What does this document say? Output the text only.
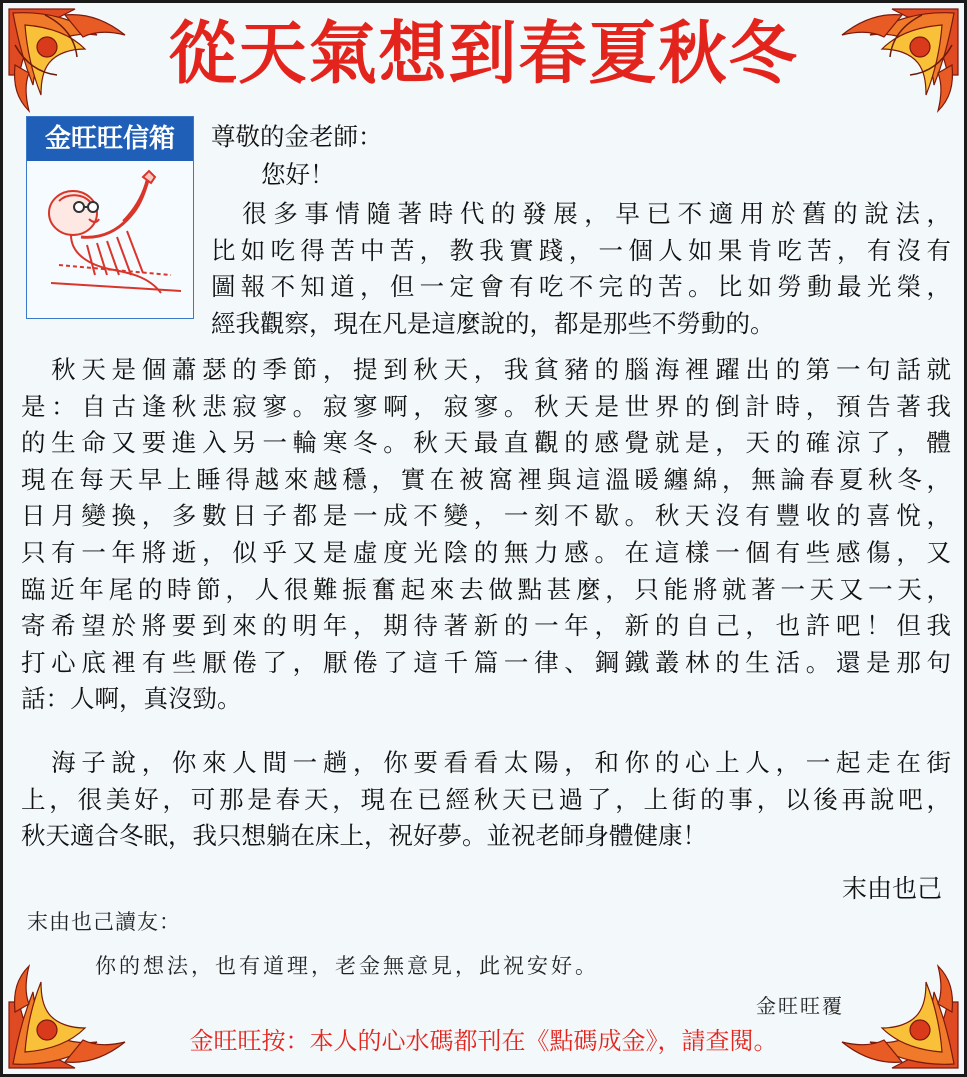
從天氣想到春夏秋冬
金旺旺信箱	尊敬的金老師：
您好！
　很多事情隨著時代的發展，早已不適用於舊的說法，
比如吃得苦中苦，教我實踐，一個人如果肯吃苦，有沒有
圖報不知道，但一定會有吃不完的苦。比如勞動最光榮，
經我觀察，現在凡是這麼說的，都是那些不勞動的。
　秋天是個蕭瑟的季節，提到秋天，我貧豬的腦海裡躍出的第一句話就
是：自古逢秋悲寂寥。寂寥啊，寂寥。秋天是世界的倒計時，預告著我
的生命又要進入另一輪寒冬。秋天最直觀的感覺就是，天的確涼了，體
現在每天早上睡得越來越穩，實在被窩裡與這溫暖纏綿，無論春夏秋冬，
日月變換，多數日子都是一成不變，一刻不歇。秋天沒有豐收的喜悅，
只有一年將逝，似乎又是虛度光陰的無力感。在這樣一個有些感傷，又
臨近年尾的時節，人很難振奮起來去做點甚麼，只能將就著一天又一天，
寄希望於將要到來的明年，期待著新的一年，新的自己，也許吧！但我
打心底裡有些厭倦了，厭倦了這千篇一律、鋼鐵叢林的生活。還是那句
話：人啊，真沒勁。
　海子說，你來人間一趟，你要看看太陽，和你的心上人，一起走在街
上，很美好，可那是春天，現在已經秋天已過了，上街的事，以後再說吧，
秋天適合冬眠，我只想躺在床上，祝好夢。並祝老師身體健康！
末由也己
末由也己讀友：
你的想法，也有道理，老金無意見，此祝安好。
金旺旺覆
金旺旺按：本人的心水碼都刊在《點碼成金》，請查閱。
